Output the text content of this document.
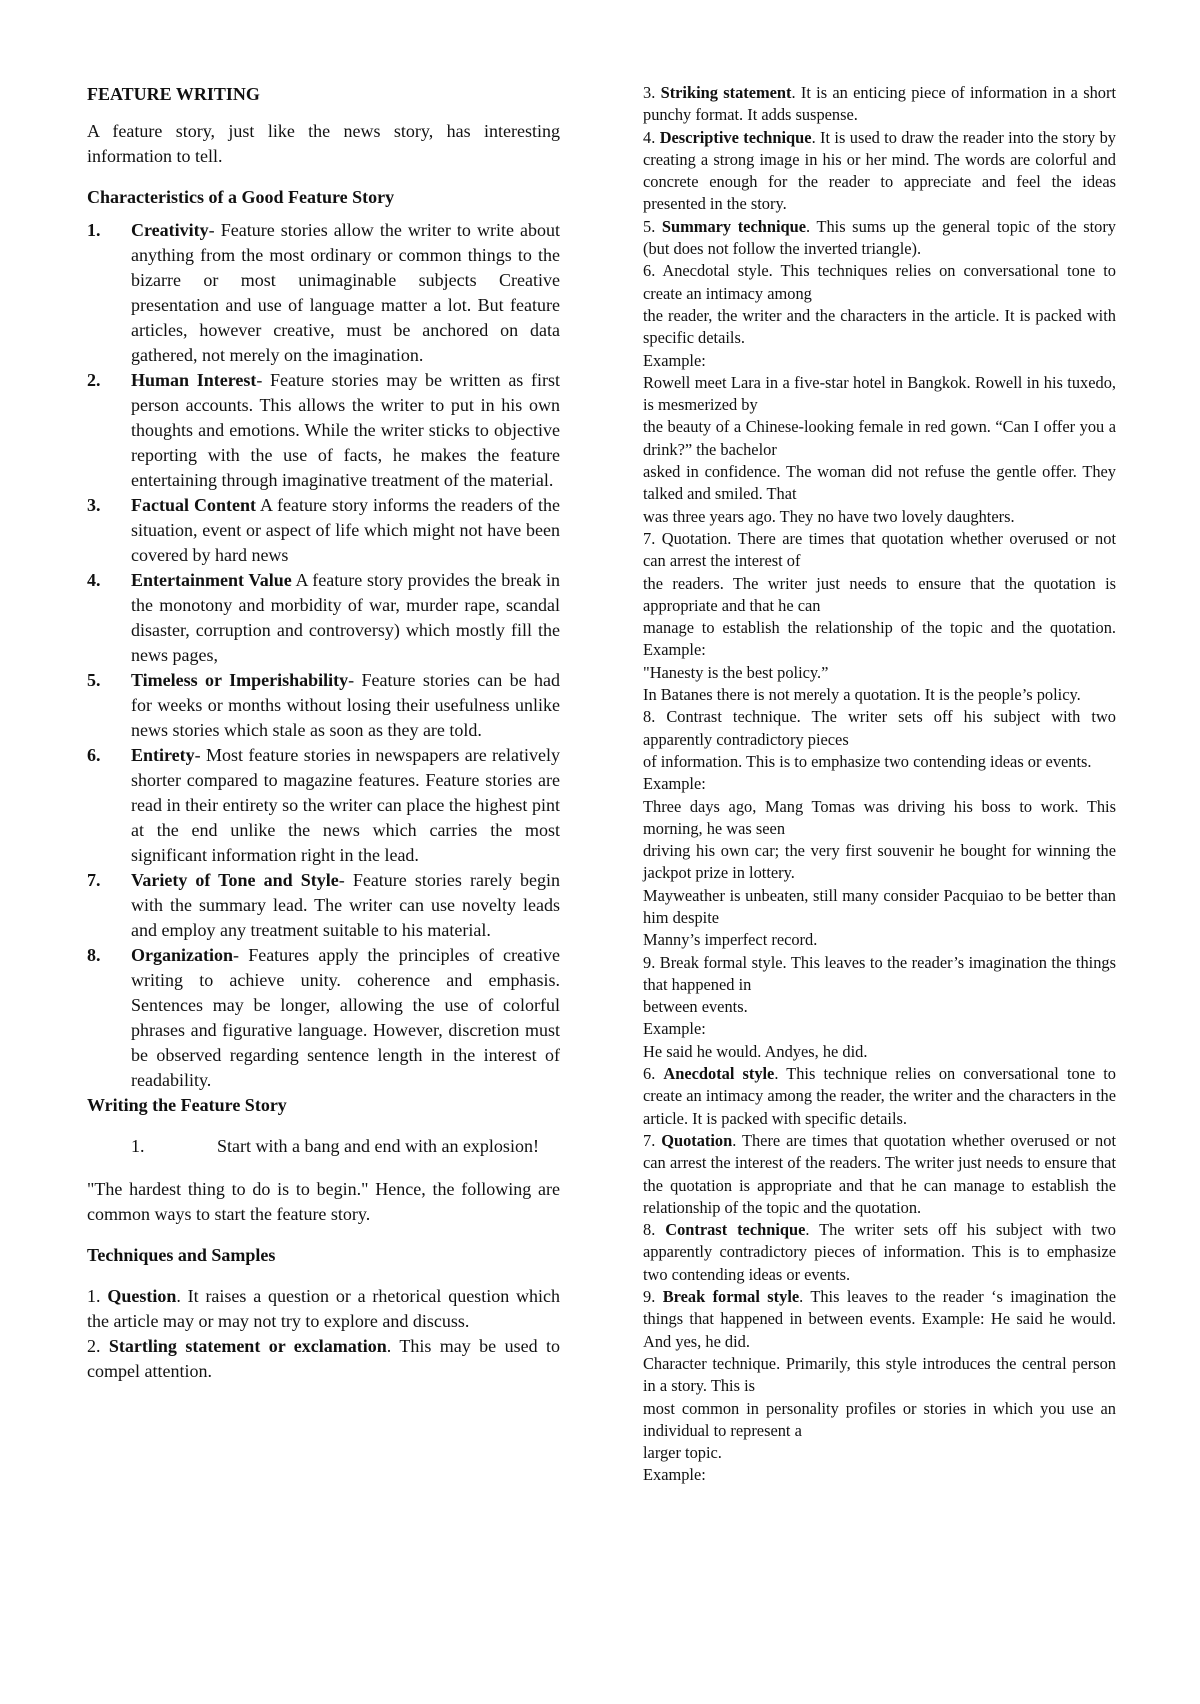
FEATURE WRITING

A feature story, just like the news story, has interesting information to tell.

Characteristics of a Good Feature Story

1. Creativity- Feature stories allow the writer to write about anything from the most ordinary or common things to the bizarre or most unimaginable subjects Creative presentation and use of language matter a lot. But feature articles, however creative, must be anchored on data gathered, not merely on the imagination.
2. Human Interest- Feature stories may be written as first person accounts. This allows the writer to put in his own thoughts and emotions. While the writer sticks to objective reporting with the use of facts, he makes the feature entertaining through imaginative treatment of the material.
3. Factual Content A feature story informs the readers of the situation, event or aspect of life which might not have been covered by hard news
4. Entertainment Value A feature story provides the break in the monotony and morbidity of war, murder rape, scandal disaster, corruption and controversy) which mostly fill the news pages,
5. Timeless or Imperishability- Feature stories can be had for weeks or months without losing their usefulness unlike news stories which stale as soon as they are told.
6. Entirety- Most feature stories in newspapers are relatively shorter compared to magazine features. Feature stories are read in their entirety so the writer can place the highest pint at the end unlike the news which carries the most significant information right in the lead.
7. Variety of Tone and Style- Feature stories rarely begin with the summary lead. The writer can use novelty leads and employ any treatment suitable to his material.
8. Organization- Features apply the principles of creative writing to achieve unity. coherence and emphasis. Sentences may be longer, allowing the use of colorful phrases and figurative language. However, discretion must be observed regarding sentence length in the interest of readability.

Writing the Feature Story

1.	Start with a bang and end with an explosion!

"The hardest thing to do is to begin." Hence, the following are common ways to start the feature story.

Techniques and Samples

1. Question. It raises a question or a rhetorical question which the article may or may not try to explore and discuss.

2. Startling statement or exclamation. This may be used to compel attention.

3. Striking statement. It is an enticing piece of information in a short punchy format. It adds suspense.

4. Descriptive technique. It is used to draw the reader into the story by creating a strong image in his or her mind. The words are colorful and concrete enough for the reader to appreciate and feel the ideas presented in the story.

5. Summary technique. This sums up the general topic of the story (but does not follow the inverted triangle).

6. Anecdotal style. This techniques relies on conversational tone to create an intimacy among

the reader, the writer and the characters in the article. It is packed with specific details.

Example:

Rowell meet Lara in a five-star hotel in Bangkok. Rowell in his tuxedo, is mesmerized by

the beauty of a Chinese-looking female in red gown. “Can I offer you a drink?” the bachelor

asked in confidence. The woman did not refuse the gentle offer. They talked and smiled. That

was three years ago. They no have two lovely daughters.

7. Quotation. There are times that quotation whether overused or not can arrest the interest of

the readers. The writer just needs to ensure that the quotation is appropriate and that he can

manage to establish the relationship of the topic and the quotation. Example:

"Hanesty is the best policy.”

In Batanes there is not merely a quotation. It is the people’s policy.

8. Contrast technique. The writer sets off his subject with two apparently contradictory pieces

of information. This is to emphasize two contending ideas or events.

Example:

Three days ago, Mang Tomas was driving his boss to work. This morning, he was seen

driving his own car; the very first souvenir he bought for winning the jackpot prize in lottery.

Mayweather is unbeaten, still many consider Pacquiao to be better than him despite

Manny’s imperfect record.

9. Break formal style. This leaves to the reader’s imagination the things that happened in

between events.

Example:

He said he would. Andyes, he did.

6. Anecdotal style. This technique relies on conversational tone to create an intimacy among the reader, the writer and the characters in the article. It is packed with specific details.

7. Quotation. There are times that quotation whether overused or not can arrest the interest of the readers. The writer just needs to ensure that the quotation is appropriate and that he can manage to establish the relationship of the topic and the quotation.

8. Contrast technique. The writer sets off his subject with two apparently contradictory pieces of information. This is to emphasize two contending ideas or events.

9. Break formal style. This leaves to the reader ‘s imagination the things that happened in between events. Example: He said he would. And yes, he did.

Character technique. Primarily, this style introduces the central person in a story. This is

most common in personality profiles or stories in which you use an individual to represent a

larger topic.

Example:
